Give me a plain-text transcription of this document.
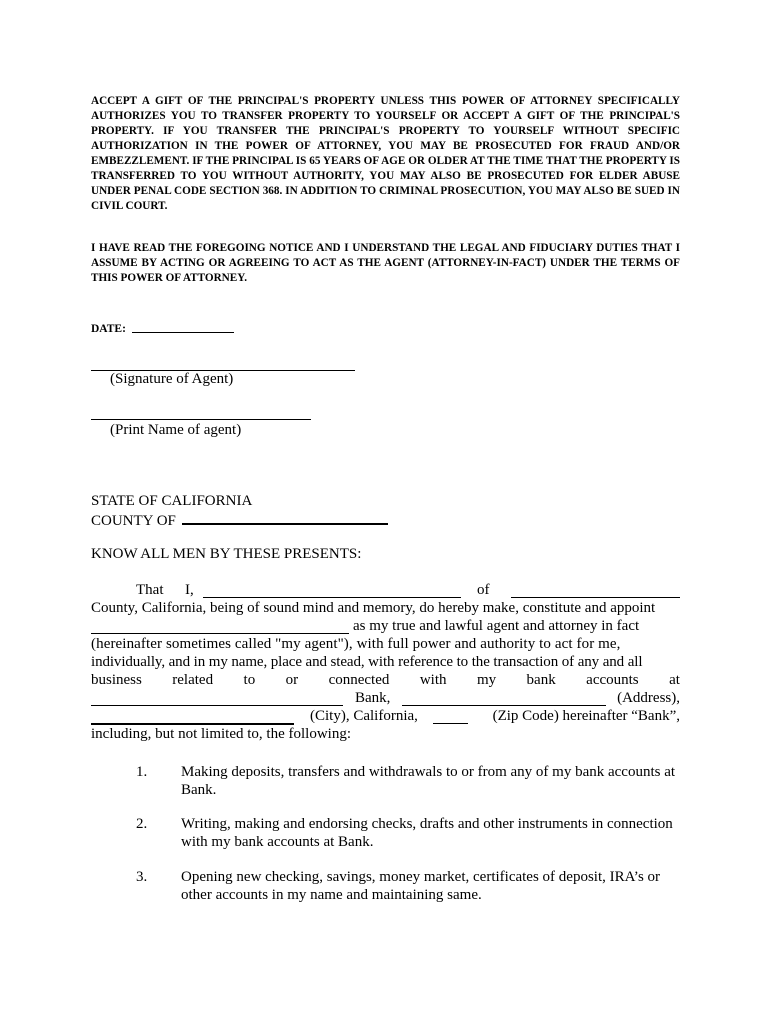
ACCEPT A GIFT OF THE PRINCIPAL'S PROPERTY UNLESS THIS POWER OF ATTORNEY SPECIFICALLY AUTHORIZES YOU TO TRANSFER PROPERTY TO YOURSELF OR ACCEPT A GIFT OF THE PRINCIPAL'S PROPERTY. IF YOU TRANSFER THE PRINCIPAL'S PROPERTY TO YOURSELF WITHOUT SPECIFIC AUTHORIZATION IN THE POWER OF ATTORNEY, YOU MAY BE PROSECUTED FOR FRAUD AND/OR EMBEZZLEMENT. IF THE PRINCIPAL IS 65 YEARS OF AGE OR OLDER AT THE TIME THAT THE PROPERTY IS TRANSFERRED TO YOU WITHOUT AUTHORITY, YOU MAY ALSO BE PROSECUTED FOR ELDER ABUSE UNDER PENAL CODE SECTION 368. IN ADDITION TO CRIMINAL PROSECUTION, YOU MAY ALSO BE SUED IN CIVIL COURT.
I HAVE READ THE FOREGOING NOTICE AND I UNDERSTAND THE LEGAL AND FIDUCIARY DUTIES THAT I ASSUME BY ACTING OR AGREEING TO ACT AS THE AGENT (ATTORNEY-IN-FACT) UNDER THE TERMS OF THIS POWER OF ATTORNEY.
DATE:
(Signature of Agent)
(Print Name of agent)
STATE OF CALIFORNIA
COUNTY OF
KNOW ALL MEN BY THESE PRESENTS:
That I,	of
County, California, being of sound mind and memory, do hereby make, constitute and appoint
as my true and lawful agent and attorney in fact
(hereinafter sometimes called "my agent"), with full power and authority to act for me,
individually, and in my name, place and stead, with reference to the transaction of any and all
business related to or connected with my bank accounts at
Bank,	(Address),
(City), California,	(Zip Code) hereinafter “Bank”,
including, but not limited to, the following:
1. Making deposits, transfers and withdrawals to or from any of my bank accounts at Bank.
2. Writing, making and endorsing checks, drafts and other instruments in connection with my bank accounts at Bank.
3. Opening new checking, savings, money market, certificates of deposit, IRA’s or other accounts in my name and maintaining same.
